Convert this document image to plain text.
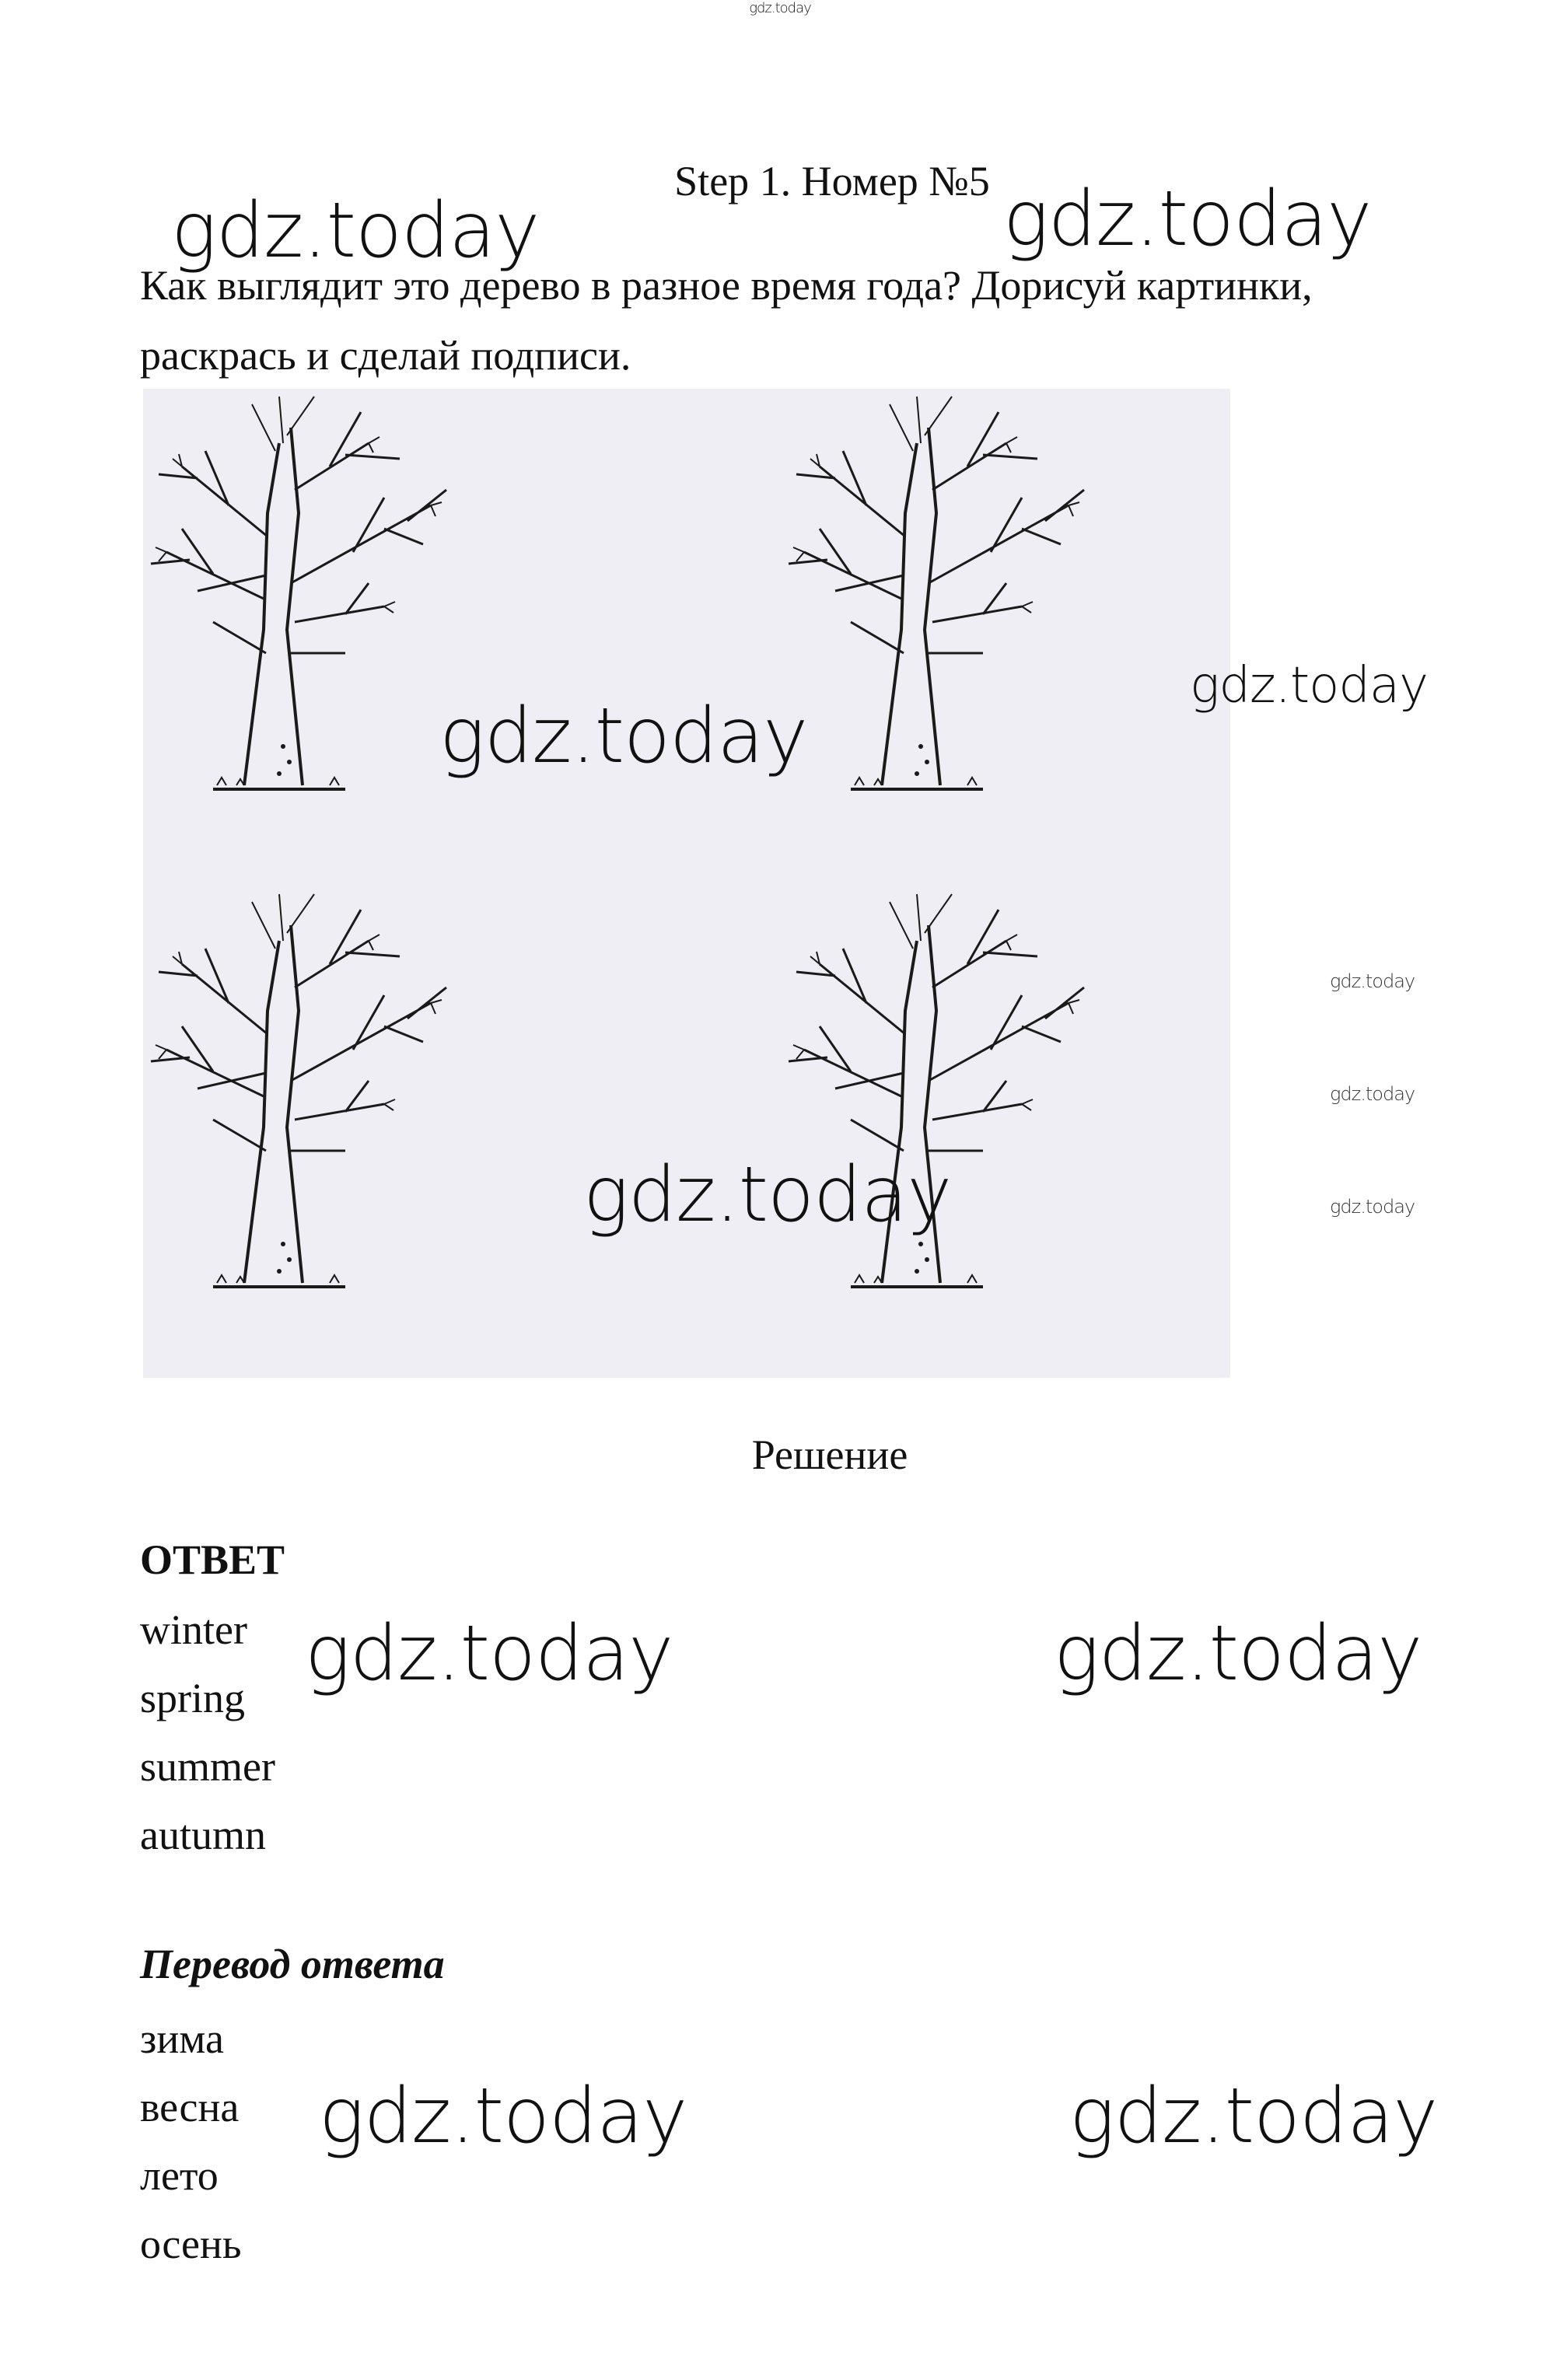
gdz.today
Step 1. Номер №5
gdz.today	gdz.today
Как выглядит это дерево в разное время года? Дорисуй картинки, раскрась и сделай подписи.
gdz.today
gdz.today
gdz.today
gdz.today
gdz.today
gdz.today
Решение
ОТВЕТ
winter
spring
summer
autumn
gdz.today	gdz.today
Перевод ответа
зима
весна
лето
осень
gdz.today	gdz.today
